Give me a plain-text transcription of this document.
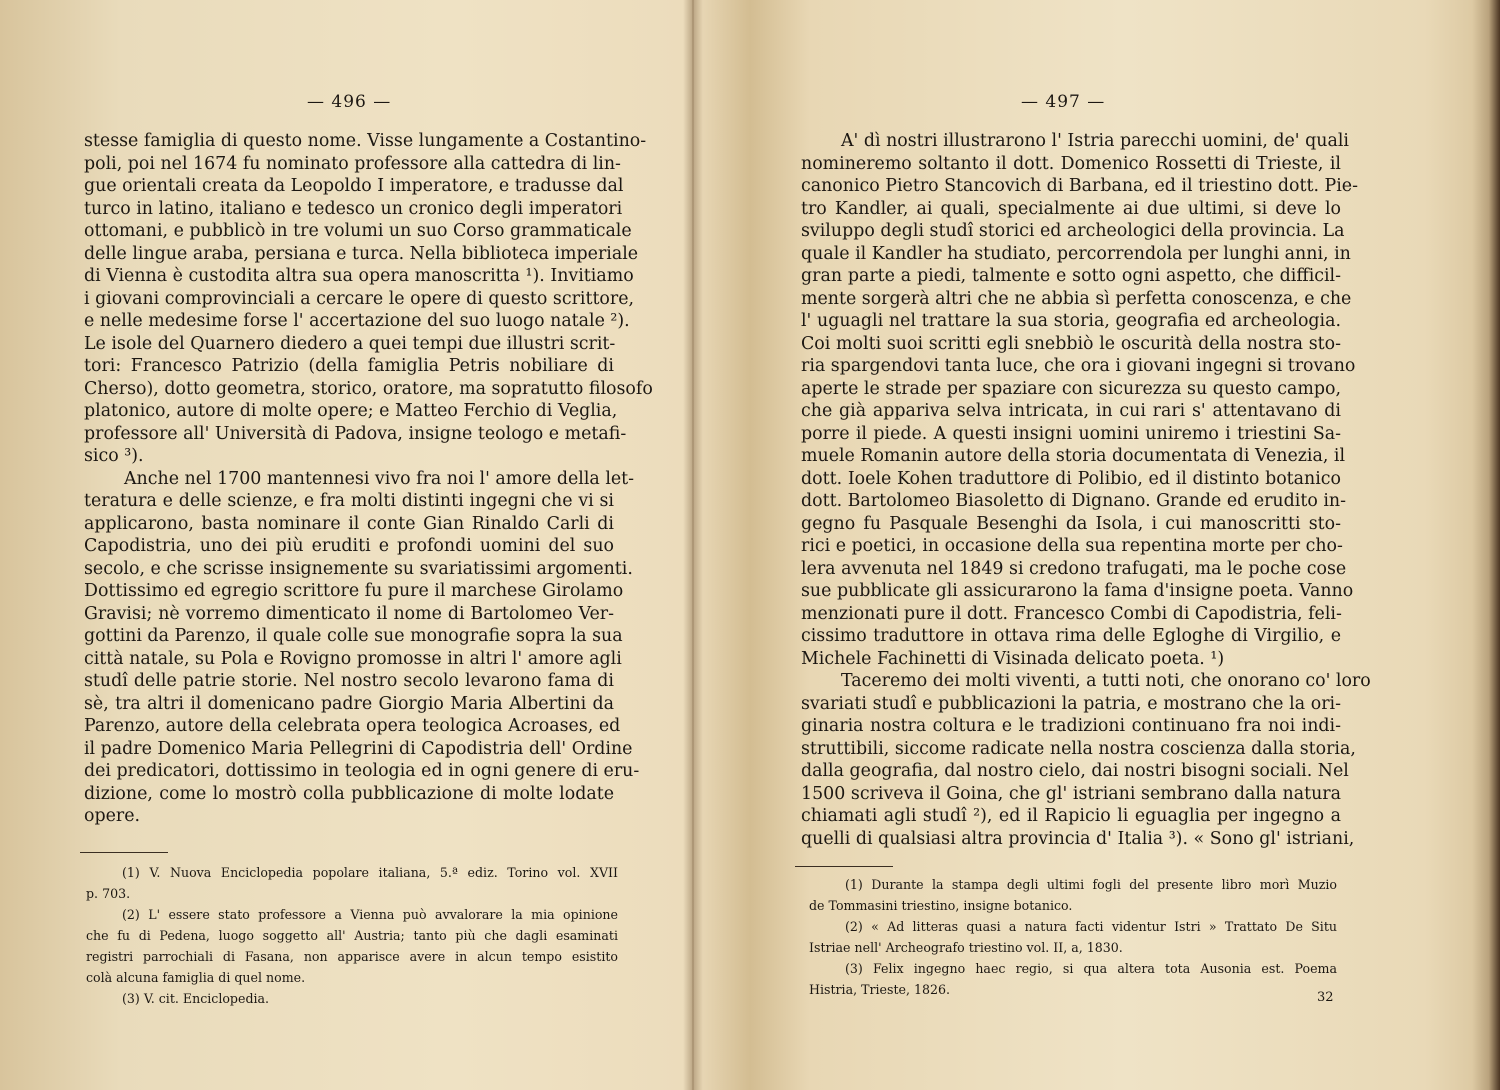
— 496 —
stesse famiglia di questo nome. Visse lungamente a Costantino-
poli, poi nel 1674 fu nominato professore alla cattedra di lin-
gue orientali creata da Leopoldo I imperatore, e tradusse dal
turco in latino, italiano e tedesco un cronico degli imperatori
ottomani, e pubblicò in tre volumi un suo Corso grammaticale
delle lingue araba, persiana e turca. Nella biblioteca imperiale
di Vienna è custodita altra sua opera manoscritta ¹). Invitiamo
i giovani comprovinciali a cercare le opere di questo scrittore,
e nelle medesime forse l' accertazione del suo luogo natale ²).
Le isole del Quarnero diedero a quei tempi due illustri scrit-
tori: Francesco Patrizio (della famiglia Petris nobiliare di
Cherso), dotto geometra, storico, oratore, ma sopratutto filosofo
platonico, autore di molte opere; e Matteo Ferchio di Veglia,
professore all' Università di Padova, insigne teologo e metafi-
sico ³).
Anche nel 1700 mantennesi vivo fra noi l' amore della let-
teratura e delle scienze, e fra molti distinti ingegni che vi si
applicarono, basta nominare il conte Gian Rinaldo Carli di
Capodistria, uno dei più eruditi e profondi uomini del suo
secolo, e che scrisse insignemente su svariatissimi argomenti.
Dottissimo ed egregio scrittore fu pure il marchese Girolamo
Gravisi; nè vorremo dimenticato il nome di Bartolomeo Ver-
gottini da Parenzo, il quale colle sue monografie sopra la sua
città natale, su Pola e Rovigno promosse in altri l' amore agli
studî delle patrie storie. Nel nostro secolo levarono fama di
sè, tra altri il domenicano padre Giorgio Maria Albertini da
Parenzo, autore della celebrata opera teologica Acroases, ed
il padre Domenico Maria Pellegrini di Capodistria dell' Ordine
dei predicatori, dottissimo in teologia ed in ogni genere di eru-
dizione, come lo mostrò colla pubblicazione di molte lodate
opere.
(1) V. Nuova Enciclopedia popolare italiana, 5.ª ediz. Torino vol. XVII
p. 703.
(2) L' essere stato professore a Vienna può avvalorare la mia opinione
che fu di Pedena, luogo soggetto all' Austria; tanto più che dagli esaminati
registri parrochiali di Fasana, non apparisce avere in alcun tempo esistito
colà alcuna famiglia di quel nome.
(3) V. cit. Enciclopedia.
— 497 —
A' dì nostri illustrarono l' Istria parecchi uomini, de' quali
nomineremo soltanto il dott. Domenico Rossetti di Trieste, il
canonico Pietro Stancovich di Barbana, ed il triestino dott. Pie-
tro Kandler, ai quali, specialmente ai due ultimi, si deve lo
sviluppo degli studî storici ed archeologici della provincia. La
quale il Kandler ha studiato, percorrendola per lunghi anni, in
gran parte a piedi, talmente e sotto ogni aspetto, che difficil-
mente sorgerà altri che ne abbia sì perfetta conoscenza, e che
l' uguagli nel trattare la sua storia, geografia ed archeologia.
Coi molti suoi scritti egli snebbiò le oscurità della nostra sto-
ria spargendovi tanta luce, che ora i giovani ingegni si trovano
aperte le strade per spaziare con sicurezza su questo campo,
che già appariva selva intricata, in cui rari s' attentavano di
porre il piede. A questi insigni uomini uniremo i triestini Sa-
muele Romanin autore della storia documentata di Venezia, il
dott. Ioele Kohen traduttore di Polibio, ed il distinto botanico
dott. Bartolomeo Biasoletto di Dignano. Grande ed erudito in-
gegno fu Pasquale Besenghi da Isola, i cui manoscritti sto-
rici e poetici, in occasione della sua repentina morte per cho-
lera avvenuta nel 1849 si credono trafugati, ma le poche cose
sue pubblicate gli assicurarono la fama d'insigne poeta. Vanno
menzionati pure il dott. Francesco Combi di Capodistria, feli-
cissimo traduttore in ottava rima delle Egloghe di Virgilio, e
Michele Fachinetti di Visinada delicato poeta. ¹)
Taceremo dei molti viventi, a tutti noti, che onorano co' loro
svariati studî e pubblicazioni la patria, e mostrano che la ori-
ginaria nostra coltura e le tradizioni continuano fra noi indi-
struttibili, siccome radicate nella nostra coscienza dalla storia,
dalla geografia, dal nostro cielo, dai nostri bisogni sociali. Nel
1500 scriveva il Goina, che gl' istriani sembrano dalla natura
chiamati agli studî ²), ed il Rapicio li eguaglia per ingegno a
quelli di qualsiasi altra provincia d' Italia ³). « Sono gl' istriani,
(1) Durante la stampa degli ultimi fogli del presente libro morì Muzio
de Tommasini triestino, insigne botanico.
(2) « Ad litteras quasi a natura facti videntur Istri » Trattato De Situ
Istriae nell' Archeografo triestino vol. II, a, 1830.
(3) Felix ingegno haec regio, si qua altera tota Ausonia est. Poema
Histria, Trieste, 1826.
32
